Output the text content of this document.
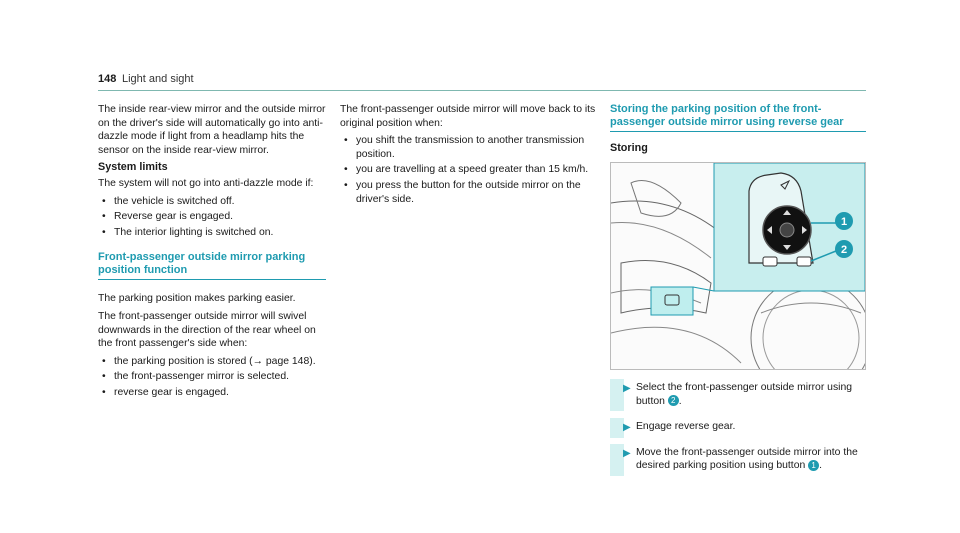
148 Light and sight

The inside rear-view mirror and the outside mirror on the driver's side will automatically go into anti-dazzle mode if light from a headlamp hits the sensor on the inside rear-view mirror.

System limits

The system will not go into anti-dazzle mode if:

• the vehicle is switched off.
• Reverse gear is engaged.
• The interior lighting is switched on.
Front-passenger outside mirror parking position function

The parking position makes parking easier.

The front-passenger outside mirror will swivel downwards in the direction of the rear wheel on the front passenger's side when:

• the parking position is stored (→ page 148).
• the front-passenger mirror is selected.
• reverse gear is engaged.

The front-passenger outside mirror will move back to its original position when:

• you shift the transmission to another transmission position.
• you are travelling at a speed greater than 15 km/h.
• you press the button for the outside mirror on the driver's side.
Storing the parking position of the front-passenger outside mirror using reverse gear
Storing
1
2
▶ Select the front-passenger outside mirror using button 2 .
▶ Engage reverse gear.
▶ Move the front-passenger outside mirror into the desired parking position using button 1 .
